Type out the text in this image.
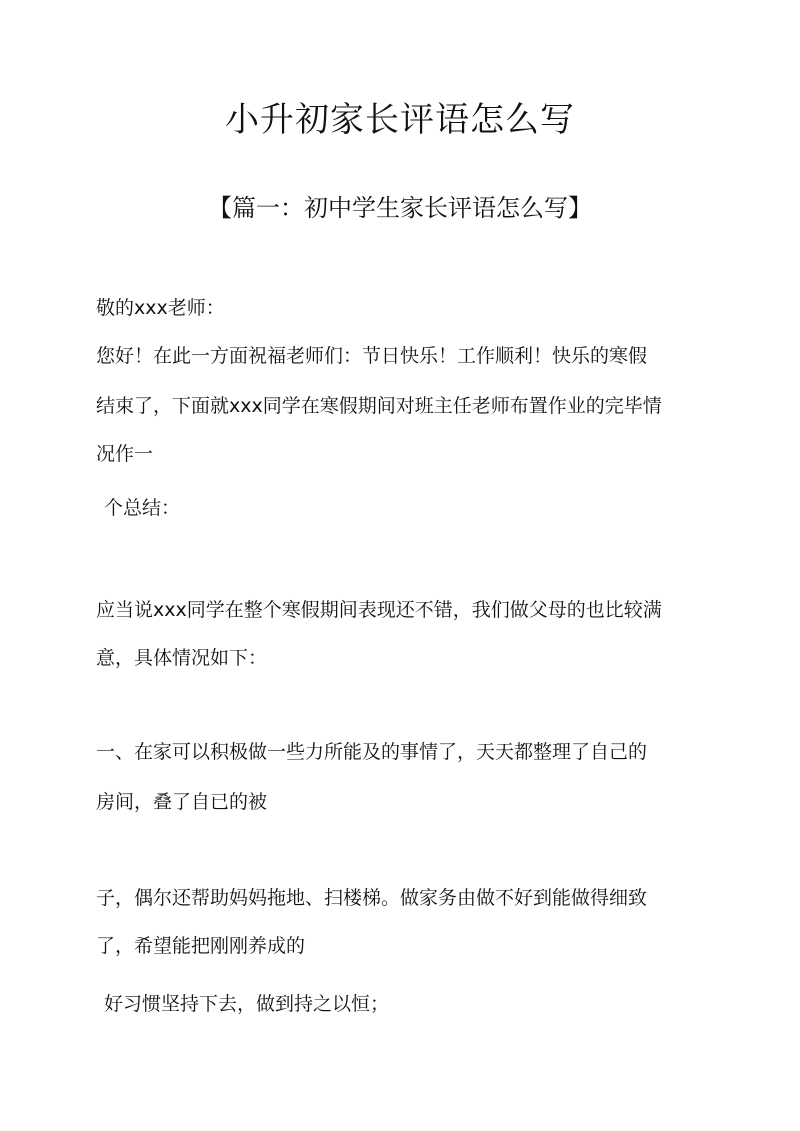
小升初家长评语怎么写
【篇一：初中学生家长评语怎么写】

敬的xxx老师：

您好！在此一方面祝福老师们：节日快乐！工作顺利！快乐的寒假

结束了，下面就xxx同学在寒假期间对班主任老师布置作业的完毕情

况作一

个总结：

应当说xxx同学在整个寒假期间表现还不错，我们做父母的也比较满

意，具体情况如下：

一、在家可以积极做一些力所能及的事情了，天天都整理了自己的

房间，叠了自已的被

子，偶尔还帮助妈妈拖地、扫楼梯。做家务由做不好到能做得细致

了，希望能把刚刚养成的

好习惯坚持下去，做到持之以恒；
